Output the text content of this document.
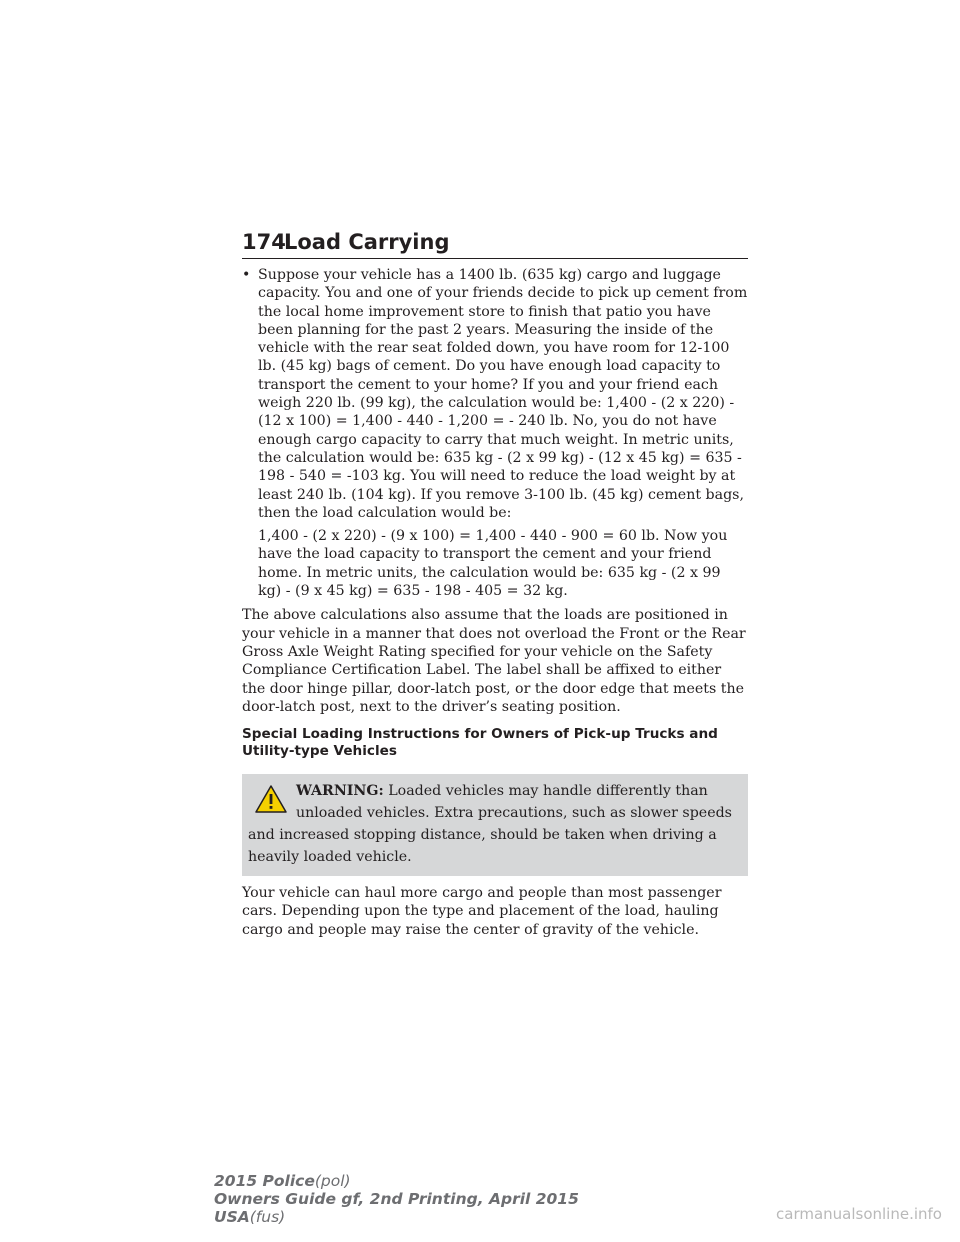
174
Load Carrying

• Suppose your vehicle has a 1400 lb. (635 kg) cargo and luggage capacity. You and one of your friends decide to pick up cement from the local home improvement store to finish that patio you have been planning for the past 2 years. Measuring the inside of the vehicle with the rear seat folded down, you have room for 12-100 lb. (45 kg) bags of cement. Do you have enough load capacity to transport the cement to your home? If you and your friend each weigh 220 lb. (99 kg), the calculation would be: 1,400 - (2 x 220) - (12 x 100) = 1,400 - 440 - 1,200 = - 240 lb. No, you do not have enough cargo capacity to carry that much weight. In metric units, the calculation would be: 635 kg - (2 x 99 kg) - (12 x 45 kg) = 635 - 198 - 540 = -103 kg. You will need to reduce the load weight by at least 240 lb. (104 kg). If you remove 3-100 lb. (45 kg) cement bags, then the load calculation would be:

1,400 - (2 x 220) - (9 x 100) = 1,400 - 440 - 900 = 60 lb. Now you have the load capacity to transport the cement and your friend home. In metric units, the calculation would be: 635 kg - (2 x 99 kg) - (9 x 45 kg) = 635 - 198 - 405 = 32 kg.

The above calculations also assume that the loads are positioned in your vehicle in a manner that does not overload the Front or the Rear Gross Axle Weight Rating specified for your vehicle on the Safety Compliance Certification Label. The label shall be affixed to either the door hinge pillar, door-latch post, or the door edge that meets the door-latch post, next to the driver’s seating position.

Special Loading Instructions for Owners of Pick-up Trucks and Utility-type Vehicles

WARNING: Loaded vehicles may handle differently than unloaded vehicles. Extra precautions, such as slower speeds and increased stopping distance, should be taken when driving a heavily loaded vehicle.

Your vehicle can haul more cargo and people than most passenger cars. Depending upon the type and placement of the load, hauling cargo and people may raise the center of gravity of the vehicle.

2015 Police(pol)
Owners Guide gf, 2nd Printing, April 2015
USA(fus)	carmanualsonline.info
